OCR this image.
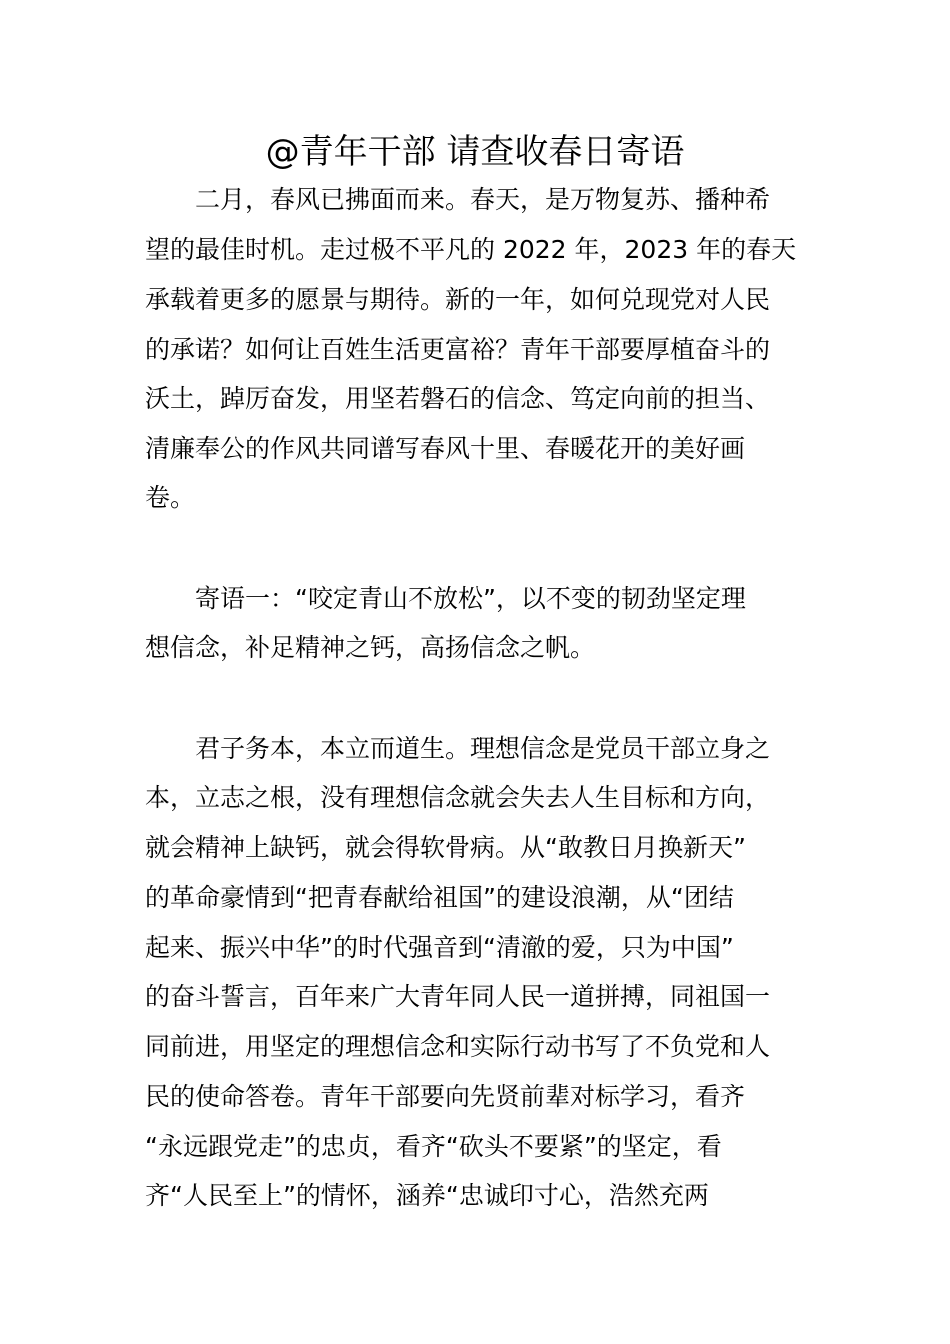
@青年干部 请查收春日寄语

　　二月，春风已拂面而来。春天，是万物复苏、播种希

望的最佳时机。走过极不平凡的 2022 年，2023 年的春天

承载着更多的愿景与期待。新的一年，如何兑现党对人民

的承诺？如何让百姓生活更富裕？青年干部要厚植奋斗的

沃土，踔厉奋发，用坚若磐石的信念、笃定向前的担当、

清廉奉公的作风共同谱写春风十里、春暖花开的美好画

卷。

　　寄语一：“咬定青山不放松”，以不变的韧劲坚定理

想信念，补足精神之钙，高扬信念之帆。

　　君子务本，本立而道生。理想信念是党员干部立身之

本，立志之根，没有理想信念就会失去人生目标和方向，

就会精神上缺钙，就会得软骨病。从“敢教日月换新天”

的革命豪情到“把青春献给祖国”的建设浪潮，从“团结

起来、振兴中华”的时代强音到“清澈的爱，只为中国”

的奋斗誓言，百年来广大青年同人民一道拼搏，同祖国一

同前进，用坚定的理想信念和实际行动书写了不负党和人

民的使命答卷。青年干部要向先贤前辈对标学习，看齐

“永远跟党走”的忠贞，看齐“砍头不要紧”的坚定，看

齐“人民至上”的情怀，涵养“忠诚印寸心，浩然充两
